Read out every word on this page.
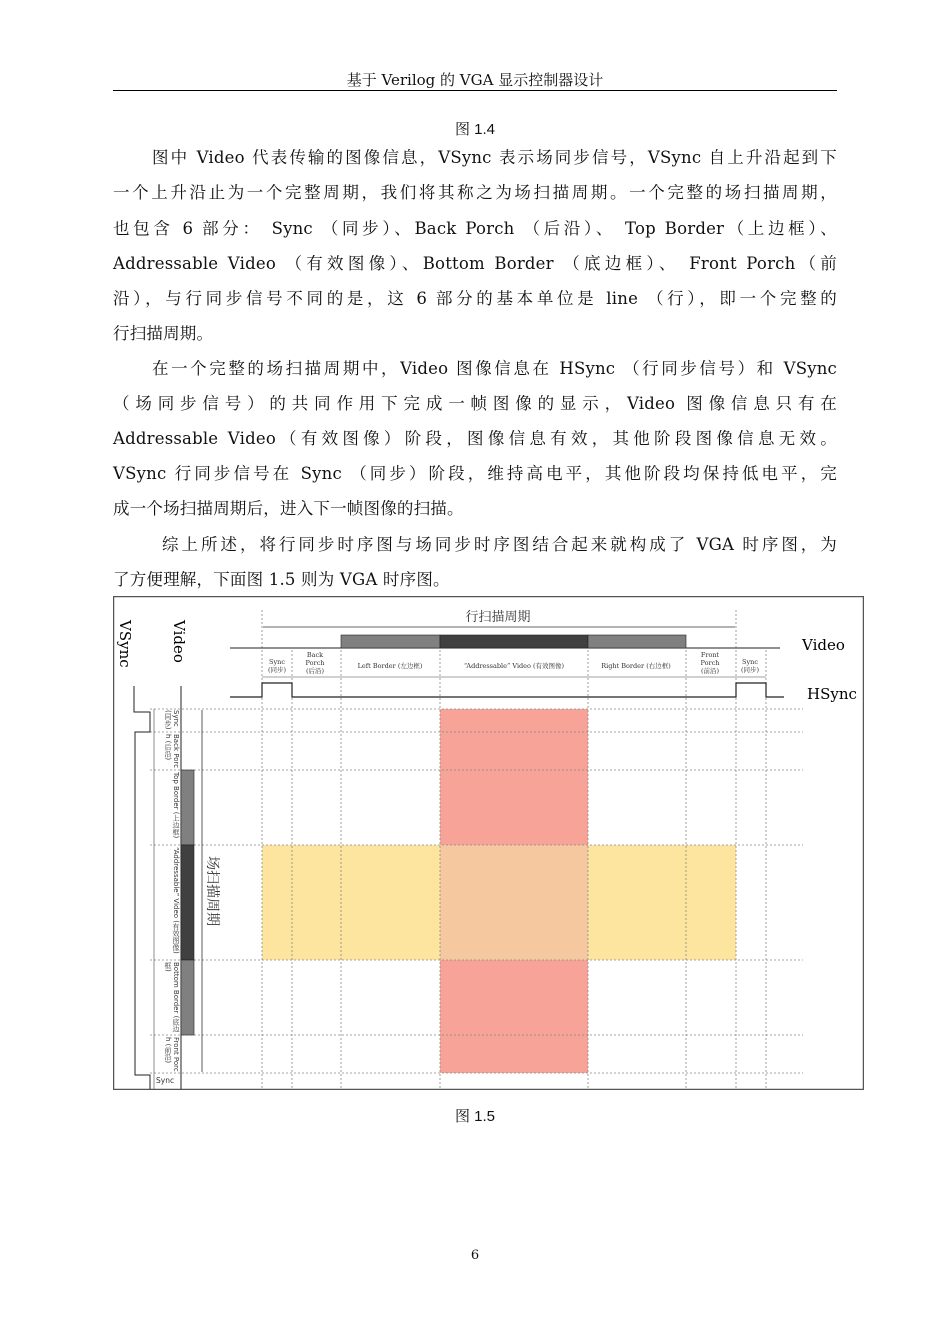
基于 Verilog 的 VGA 显示控制器设计
图 1.4
图中 Video 代表传输的图像信息，VSync 表示场同步信号，VSync 自上升沿起到下
一个上升沿止为一个完整周期，我们将其称之为场扫描周期。一个完整的场扫描周期，
也包含 6 部分： Sync （同步）、Back Porch （后沿）、 Top Border（上边框）、
Addressable Video （有效图像）、Bottom Border （底边框）、 Front Porch（前
沿），与行同步信号不同的是，这 6 部分的基本单位是 line （行），即一个完整的
行扫描周期。
在一个完整的场扫描周期中，Video 图像信息在 HSync （行同步信号）和 VSync
（场同步信号）的共同作用下完成一帧图像的显示，Video 图像信息只有在
Addressable Video（有效图像）阶段，图像信息有效，其他阶段图像信息无效。
VSync 行同步信号在 Sync （同步）阶段，维持高电平，其他阶段均保持低电平，完
成一个场扫描周期后，进入下一帧图像的扫描。
综上所述，将行同步时序图与场同步时序图结合起来就构成了 VGA 时序图，为
了方便理解，下面图 1.5 则为 VGA 时序图。
行扫描周期
Video
Sync
(同步)
Back
Porch
(后沿)
Left Border (左边框)	“Addressable” Video (有效图像)	Right Border (右边框)
Front
Porch
(前沿)
Sync
(同步)
HSync
VSync Video
场扫描周期
Sync (同步)
Back Porch (后沿)
Top Border (上边框)
“Addressable” Video (有效图像)
Bottom Border (底边框)
Front Porch (前沿)
Sync
图 1.5
6
